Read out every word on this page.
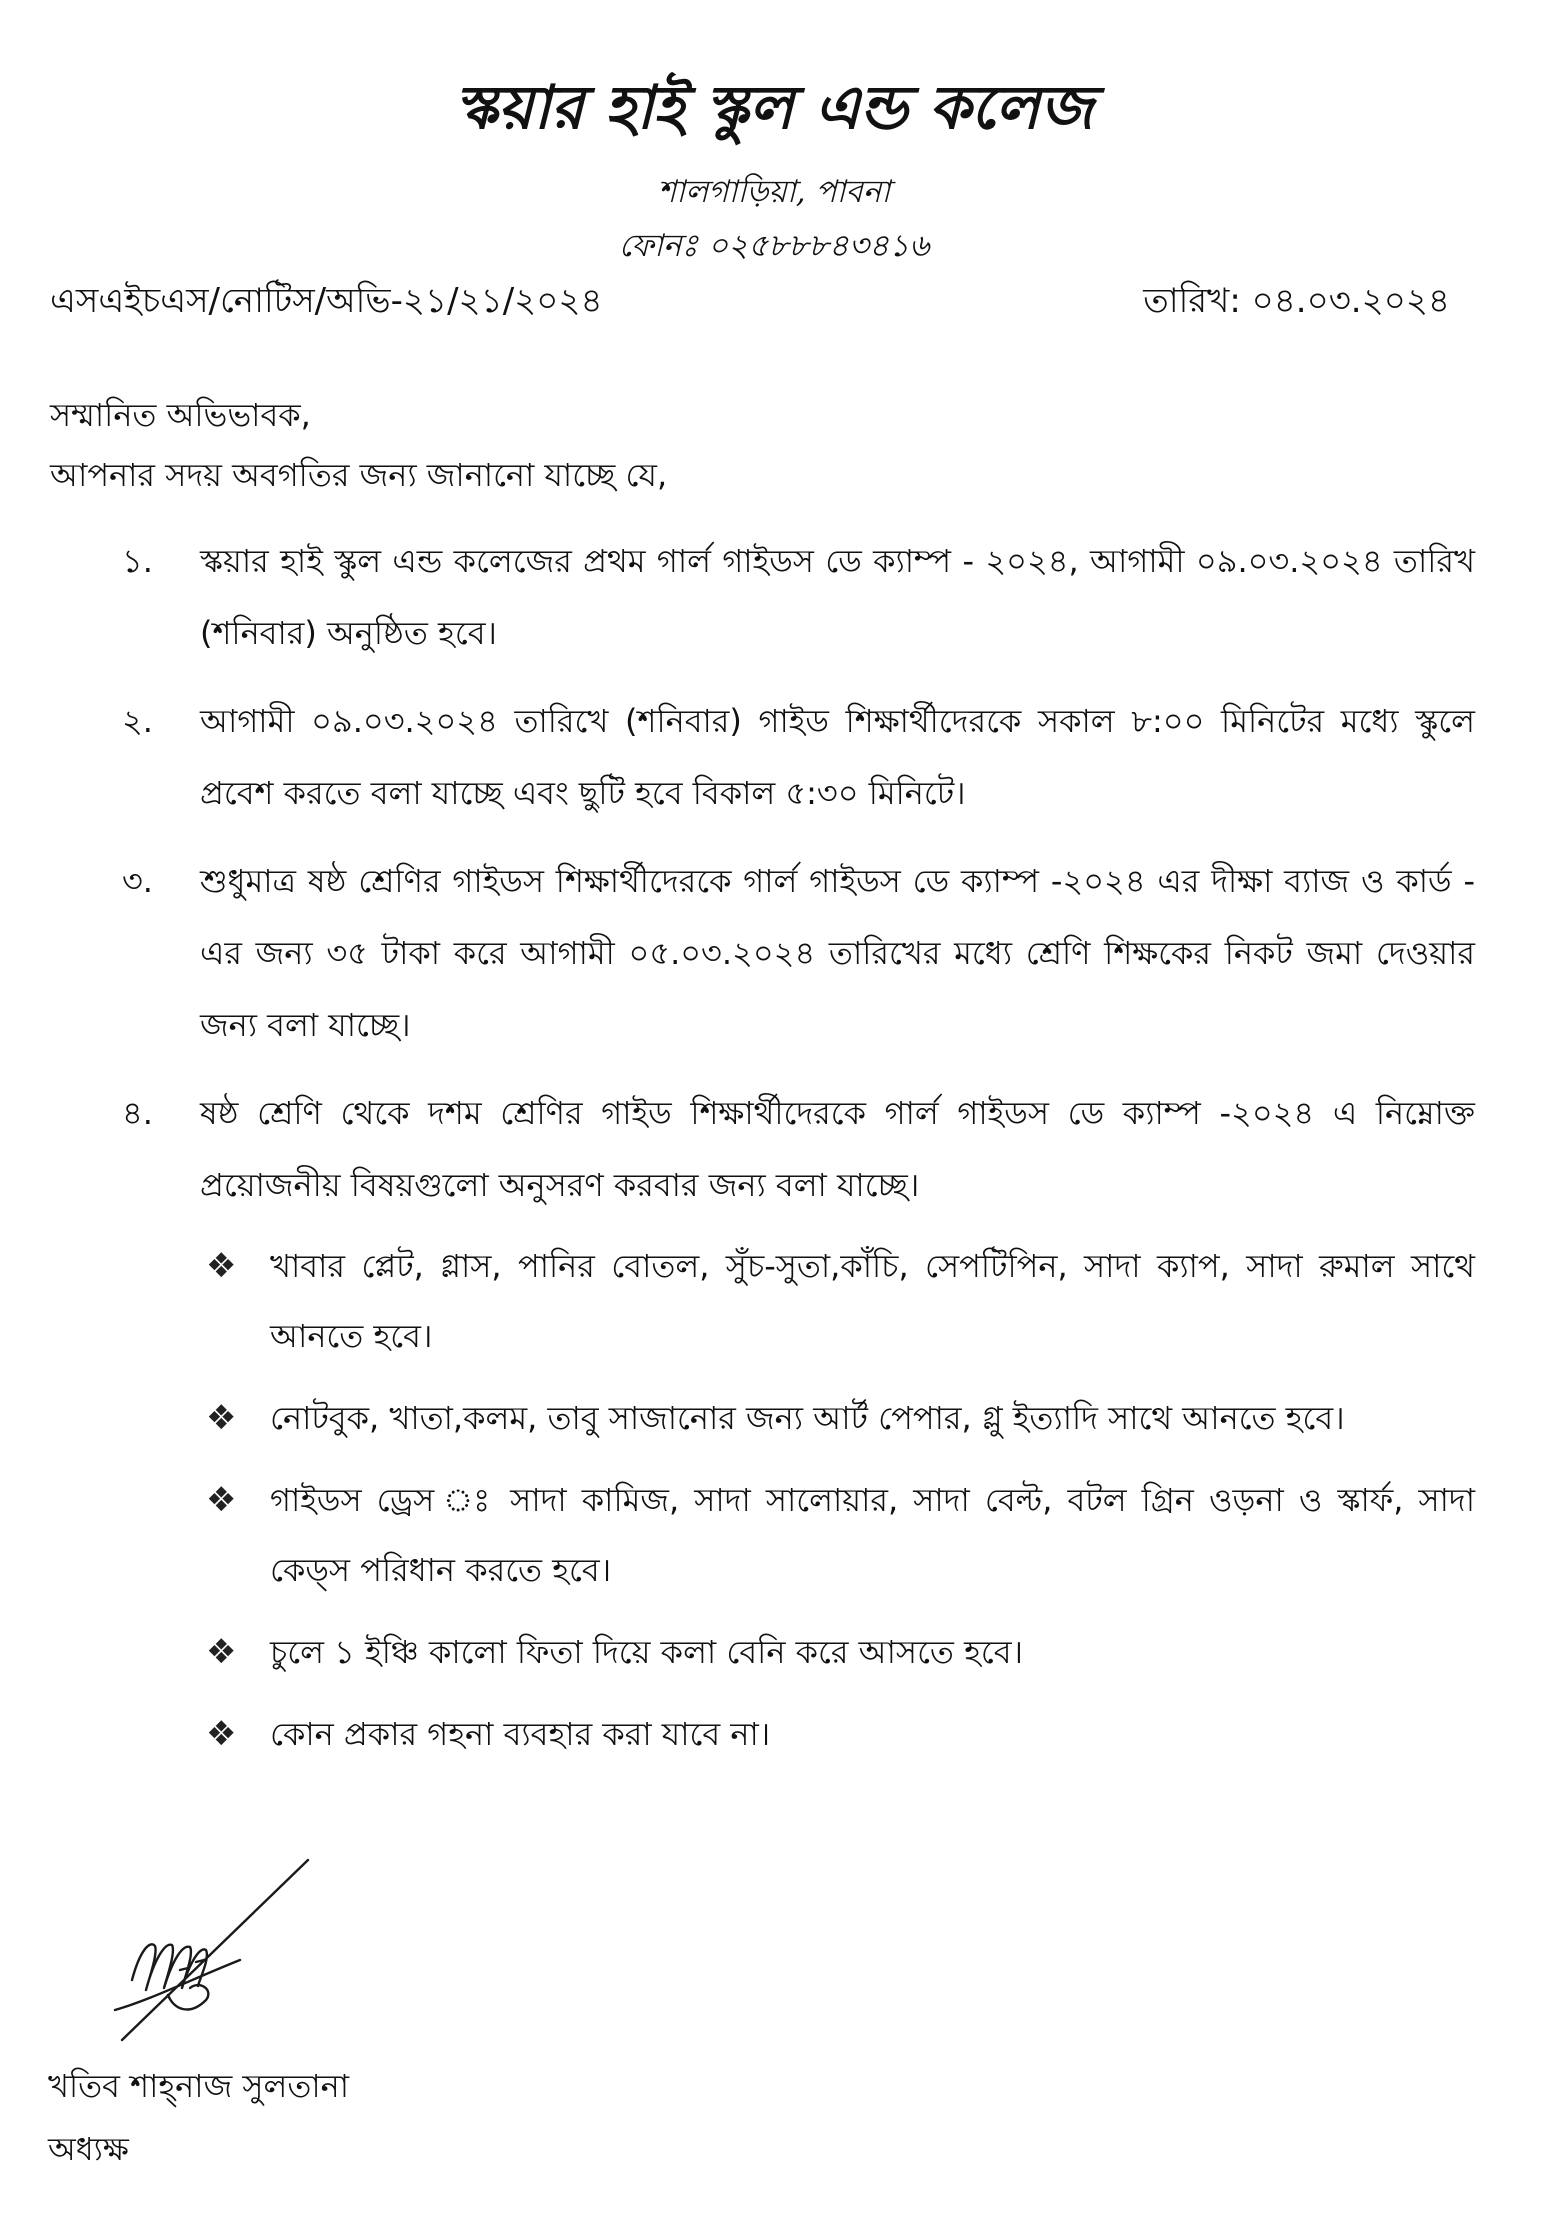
স্কয়ার হাই স্কুল এন্ড কলেজ
শালগাড়িয়া, পাবনা
ফোনঃ ০২৫৮৮৮৪৩৪১৬
এসএইচএস/নোটিস/অভি-২১/২১/২০২৪	তারিখ: ০৪.০৩.২০২৪
সম্মানিত অভিভাবক,
আপনার সদয় অবগতির জন্য জানানো যাচ্ছে যে,
১. স্কয়ার হাই স্কুল এন্ড কলেজের প্রথম গার্ল গাইডস ডে ক্যাম্প - ২০২৪, আগামী ০৯.০৩.২০২৪ তারিখ (শনিবার) অনুষ্ঠিত হবে।
২. আগামী ০৯.০৩.২০২৪ তারিখে (শনিবার) গাইড শিক্ষার্থীদেরকে সকাল ৮:০০ মিনিটের মধ্যে স্কুলে প্রবেশ করতে বলা যাচ্ছে এবং ছুটি হবে বিকাল ৫:৩০ মিনিটে।
৩. শুধুমাত্র ষষ্ঠ শ্রেণির গাইডস শিক্ষার্থীদেরকে গার্ল গাইডস ডে ক্যাম্প -২০২৪ এর দীক্ষা ব্যাজ ও কার্ড - এর জন্য ৩৫ টাকা করে আগামী ০৫.০৩.২০২৪ তারিখের মধ্যে শ্রেণি শিক্ষকের নিকট জমা দেওয়ার জন্য বলা যাচ্ছে।
৪. ষষ্ঠ শ্রেণি থেকে দশম শ্রেণির গাইড শিক্ষার্থীদেরকে গার্ল গাইডস ডে ক্যাম্প -২০২৪ এ নিম্নোক্ত প্রয়োজনীয় বিষয়গুলো অনুসরণ করবার জন্য বলা যাচ্ছে।
❖ খাবার প্লেট, গ্লাস, পানির বোতল, সুঁচ-সুতা,কাঁচি, সেপটিপিন, সাদা ক্যাপ, সাদা রুমাল সাথে আনতে হবে।
❖ নোটবুক, খাতা,কলম, তাবু সাজানোর জন্য আর্ট পেপার, গ্লু ইত্যাদি সাথে আনতে হবে।
❖ গাইডস ড্রেস ঃ সাদা কামিজ, সাদা সালোয়ার, সাদা বেল্ট, বটল গ্রিন ওড়না ও স্কার্ফ, সাদা কেড্স পরিধান করতে হবে।
❖ চুলে ১ ইঞ্চি কালো ফিতা দিয়ে কলা বেনি করে আসতে হবে।
❖ কোন প্রকার গহনা ব্যবহার করা যাবে না।
খতিব শাহ্‌নাজ সুলতানা
অধ্যক্ষ
